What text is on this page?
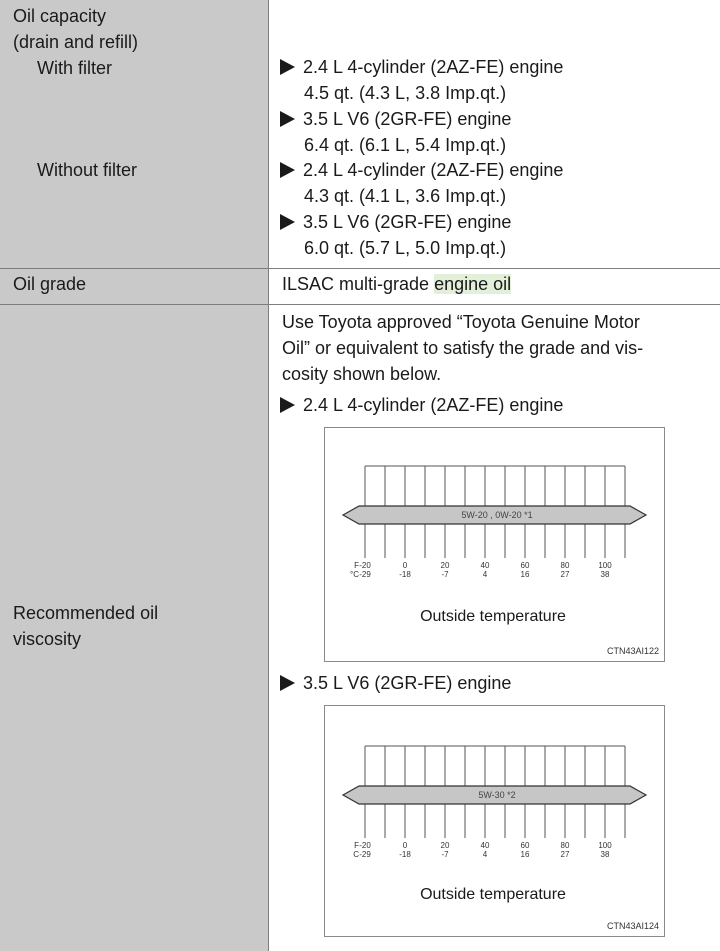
Oil capacity
(drain and refill)
With filter
Without filter
2.4 L 4-cylinder (2AZ-FE) engine
4.5 qt. (4.3 L, 3.8 Imp.qt.)
3.5 L V6 (2GR-FE) engine
6.4 qt. (6.1 L, 5.4 Imp.qt.)
2.4 L 4-cylinder (2AZ-FE) engine
4.3 qt. (4.1 L, 3.6 Imp.qt.)
3.5 L V6 (2GR-FE) engine
6.0 qt. (5.7 L, 5.0 Imp.qt.)
Oil grade	ILSAC multi-grade engine oil
Recommended oil
viscosity
Use Toyota approved “Toyota Genuine Motor
Oil” or equivalent to satisfy the grade and vis-
cosity shown below.
2.4 L 4-cylinder (2AZ-FE) engine
3.5 L V6 (2GR-FE) engine
5W-20 , 0W-20 *1
F
°C
-20
-29
0
-18
20
-7
40
4
60
16
80
27
100
38
Outside temperature
CTN43AI122
5W-30 *2
F
C
-20
-29
0
-18
20
-7
40
4
60
16
80
27
100
38
Outside temperature
CTN43AI124
